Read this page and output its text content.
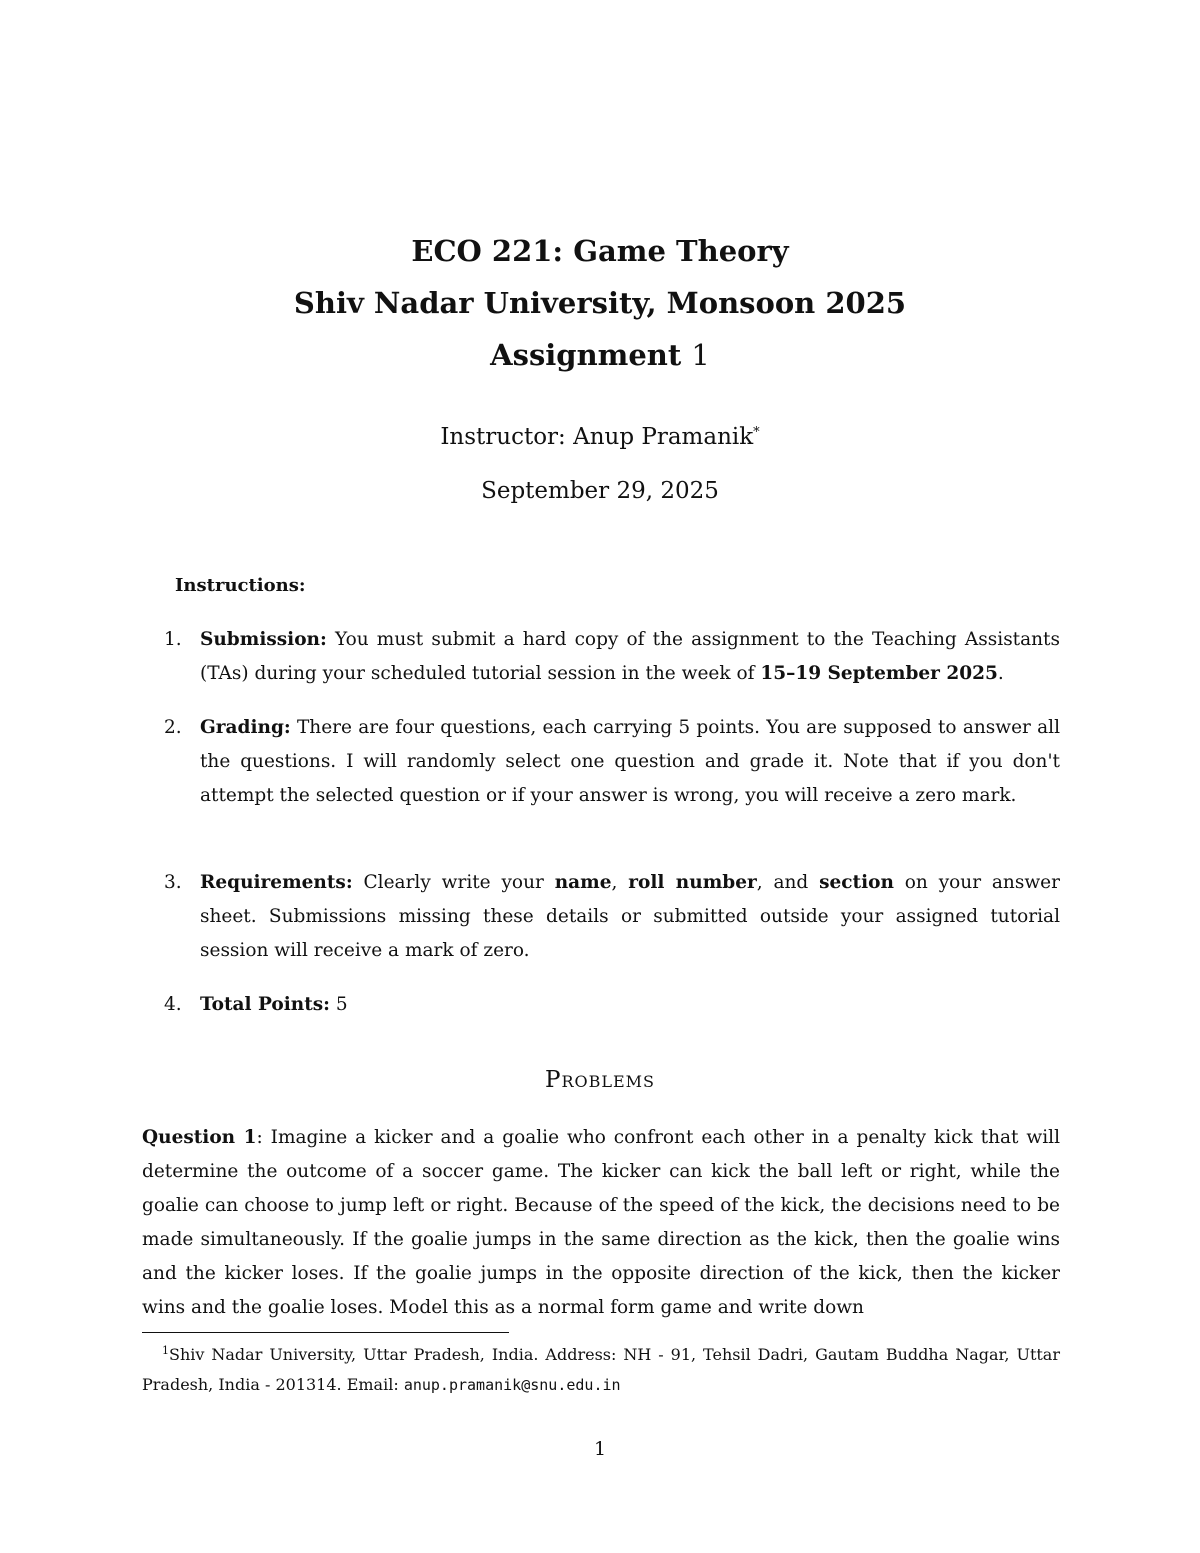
ECO 221: Game Theory
Shiv Nadar University, Monsoon 2025
Assignment 1
Instructor: Anup Pramanik*
September 29, 2025
Instructions:
1. Submission: You must submit a hard copy of the assignment to the Teaching Assistants (TAs) during your scheduled tutorial session in the week of 15–19 September 2025.
2. Grading: There are four questions, each carrying 5 points. You are supposed to answer all the questions. I will randomly select one question and grade it. Note that if you don't attempt the selected question or if your answer is wrong, you will receive a zero mark.
3. Requirements: Clearly write your name, roll number, and section on your answer sheet. Submissions missing these details or submitted outside your assigned tutorial session will receive a mark of zero.
4. Total Points: 5
Problems
Question 1: Imagine a kicker and a goalie who confront each other in a penalty kick that will determine the outcome of a soccer game. The kicker can kick the ball left or right, while the goalie can choose to jump left or right. Because of the speed of the kick, the decisions need to be made simultaneously. If the goalie jumps in the same direction as the kick, then the goalie wins and the kicker loses. If the goalie jumps in the opposite direction of the kick, then the kicker wins and the goalie loses. Model this as a normal form game and write down
$^1$Shiv Nadar University, Uttar Pradesh, India. Address: NH - 91, Tehsil Dadri, Gautam Buddha Nagar, Uttar Pradesh, India - 201314. Email: anup.pramanik@snu.edu.in
1
